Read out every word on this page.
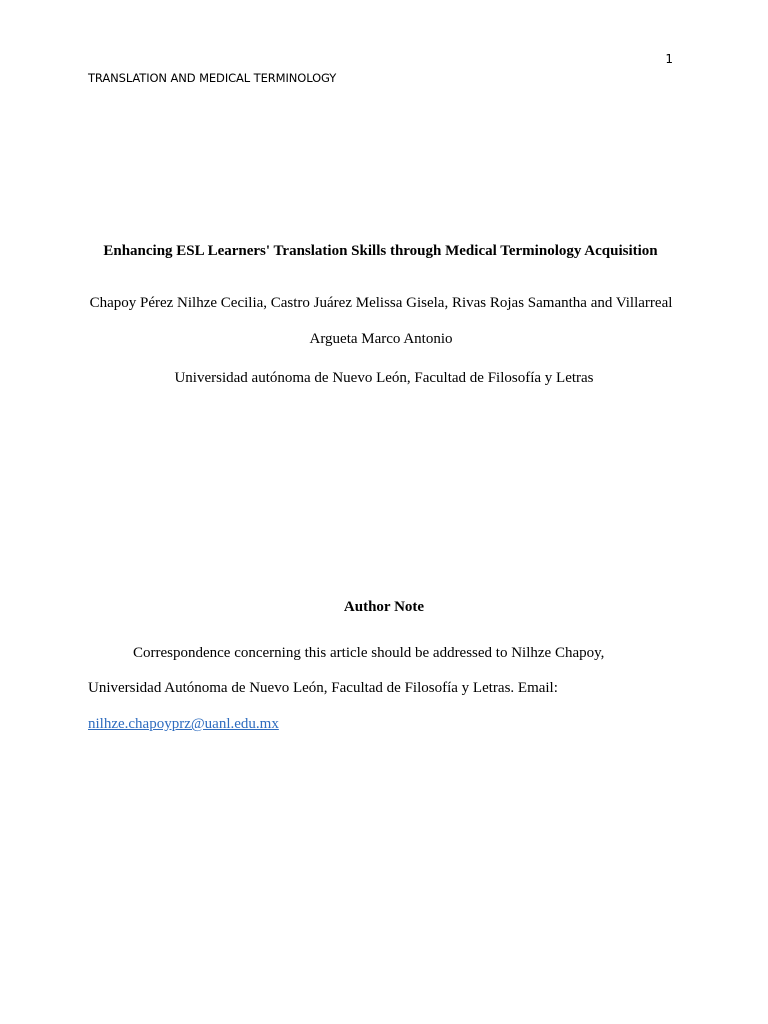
1
TRANSLATION AND MEDICAL TERMINOLOGY
Enhancing ESL Learners' Translation Skills through Medical Terminology Acquisition

Chapoy Pérez Nilhze Cecilia, Castro Juárez Melissa Gisela, Rivas Rojas Samantha and Villarreal
Argueta Marco Antonio

Universidad autónoma de Nuevo León, Facultad de Filosofía y Letras
Author Note
Correspondence concerning this article should be addressed to Nilhze Chapoy,
Universidad Autónoma de Nuevo León, Facultad de Filosofía y Letras. Email:
nilhze.chapoyprz@uanl.edu.mx
